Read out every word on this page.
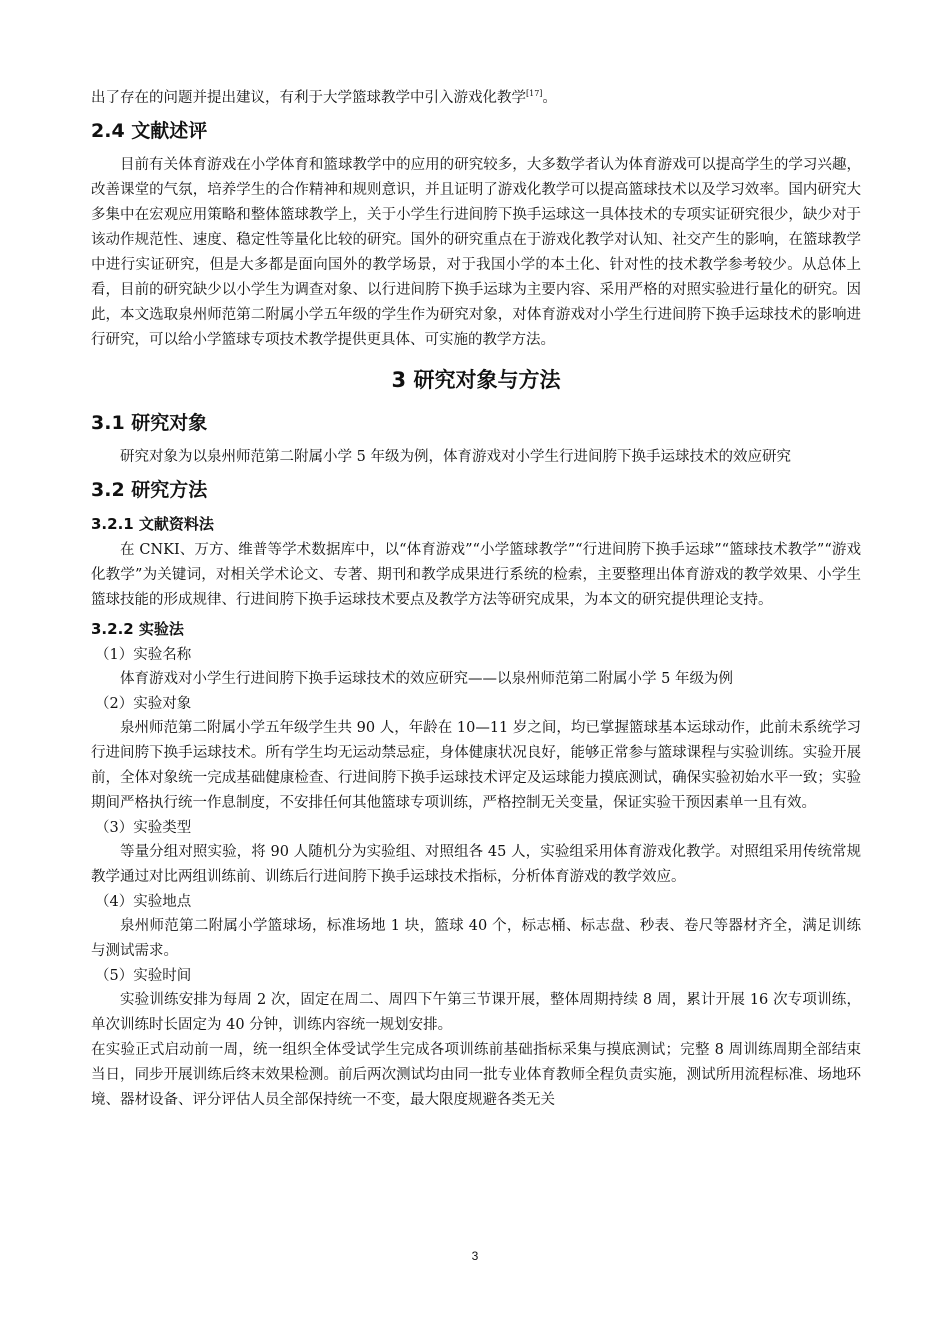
出了存在的问题并提出建议，有利于大学篮球教学中引入游戏化教学[17]。

2.4 文献述评

目前有关体育游戏在小学体育和篮球教学中的应用的研究较多，大多数学者认为体育游戏可以提高学生的学习兴趣，改善课堂的气氛，培养学生的合作精神和规则意识，并且证明了游戏化教学可以提高篮球技术以及学习效率。国内研究大多集中在宏观应用策略和整体篮球教学上，关于小学生行进间胯下换手运球这一具体技术的专项实证研究很少，缺少对于该动作规范性、速度、稳定性等量化比较的研究。国外的研究重点在于游戏化教学对认知、社交产生的影响，在篮球教学中进行实证研究，但是大多都是面向国外的教学场景，对于我国小学的本土化、针对性的技术教学参考较少。从总体上看，目前的研究缺少以小学生为调查对象、以行进间胯下换手运球为主要内容、采用严格的对照实验进行量化的研究。因此，本文选取泉州师范第二附属小学五年级的学生作为研究对象，对体育游戏对小学生行进间胯下换手运球技术的影响进行研究，可以给小学篮球专项技术教学提供更具体、可实施的教学方法。

3 研究对象与方法
3.1 研究对象

研究对象为以泉州师范第二附属小学 5 年级为例，体育游戏对小学生行进间胯下换手运球技术的效应研究

3.2 研究方法
3.2.1 文献资料法

在 CNKI、万方、维普等学术数据库中，以“体育游戏”“小学篮球教学”“行进间胯下换手运球”“篮球技术教学”“游戏化教学”为关键词，对相关学术论文、专著、期刊和教学成果进行系统的检索，主要整理出体育游戏的教学效果、小学生篮球技能的形成规律、行进间胯下换手运球技术要点及教学方法等研究成果，为本文的研究提供理论支持。

3.2.2 实验法
（1）实验名称

体育游戏对小学生行进间胯下换手运球技术的效应研究——以泉州师范第二附属小学 5 年级为例

（2）实验对象

泉州师范第二附属小学五年级学生共 90 人，年龄在 10—11 岁之间，均已掌握篮球基本运球动作，此前未系统学习行进间胯下换手运球技术。所有学生均无运动禁忌症，身体健康状况良好，能够正常参与篮球课程与实验训练。实验开展前，全体对象统一完成基础健康检查、行进间胯下换手运球技术评定及运球能力摸底测试，确保实验初始水平一致；实验期间严格执行统一作息制度，不安排任何其他篮球专项训练，严格控制无关变量，保证实验干预因素单一且有效。

（3）实验类型

等量分组对照实验，将 90 人随机分为实验组、对照组各 45 人，实验组采用体育游戏化教学。对照组采用传统常规教学通过对比两组训练前、训练后行进间胯下换手运球技术指标，分析体育游戏的教学效应。

（4）实验地点

泉州师范第二附属小学篮球场，标准场地 1 块，篮球 40 个，标志桶、标志盘、秒表、卷尺等器材齐全，满足训练与测试需求。

（5）实验时间

实验训练安排为每周 2 次，固定在周二、周四下午第三节课开展，整体周期持续 8 周，累计开展 16 次专项训练，单次训练时长固定为 40 分钟，训练内容统一规划安排。

在实验正式启动前一周，统一组织全体受试学生完成各项训练前基础指标采集与摸底测试；完整 8 周训练周期全部结束当日，同步开展训练后终末效果检测。前后两次测试均由同一批专业体育教师全程负责实施，测试所用流程标准、场地环境、器材设备、评分评估人员全部保持统一不变，最大限度规避各类无关

3
